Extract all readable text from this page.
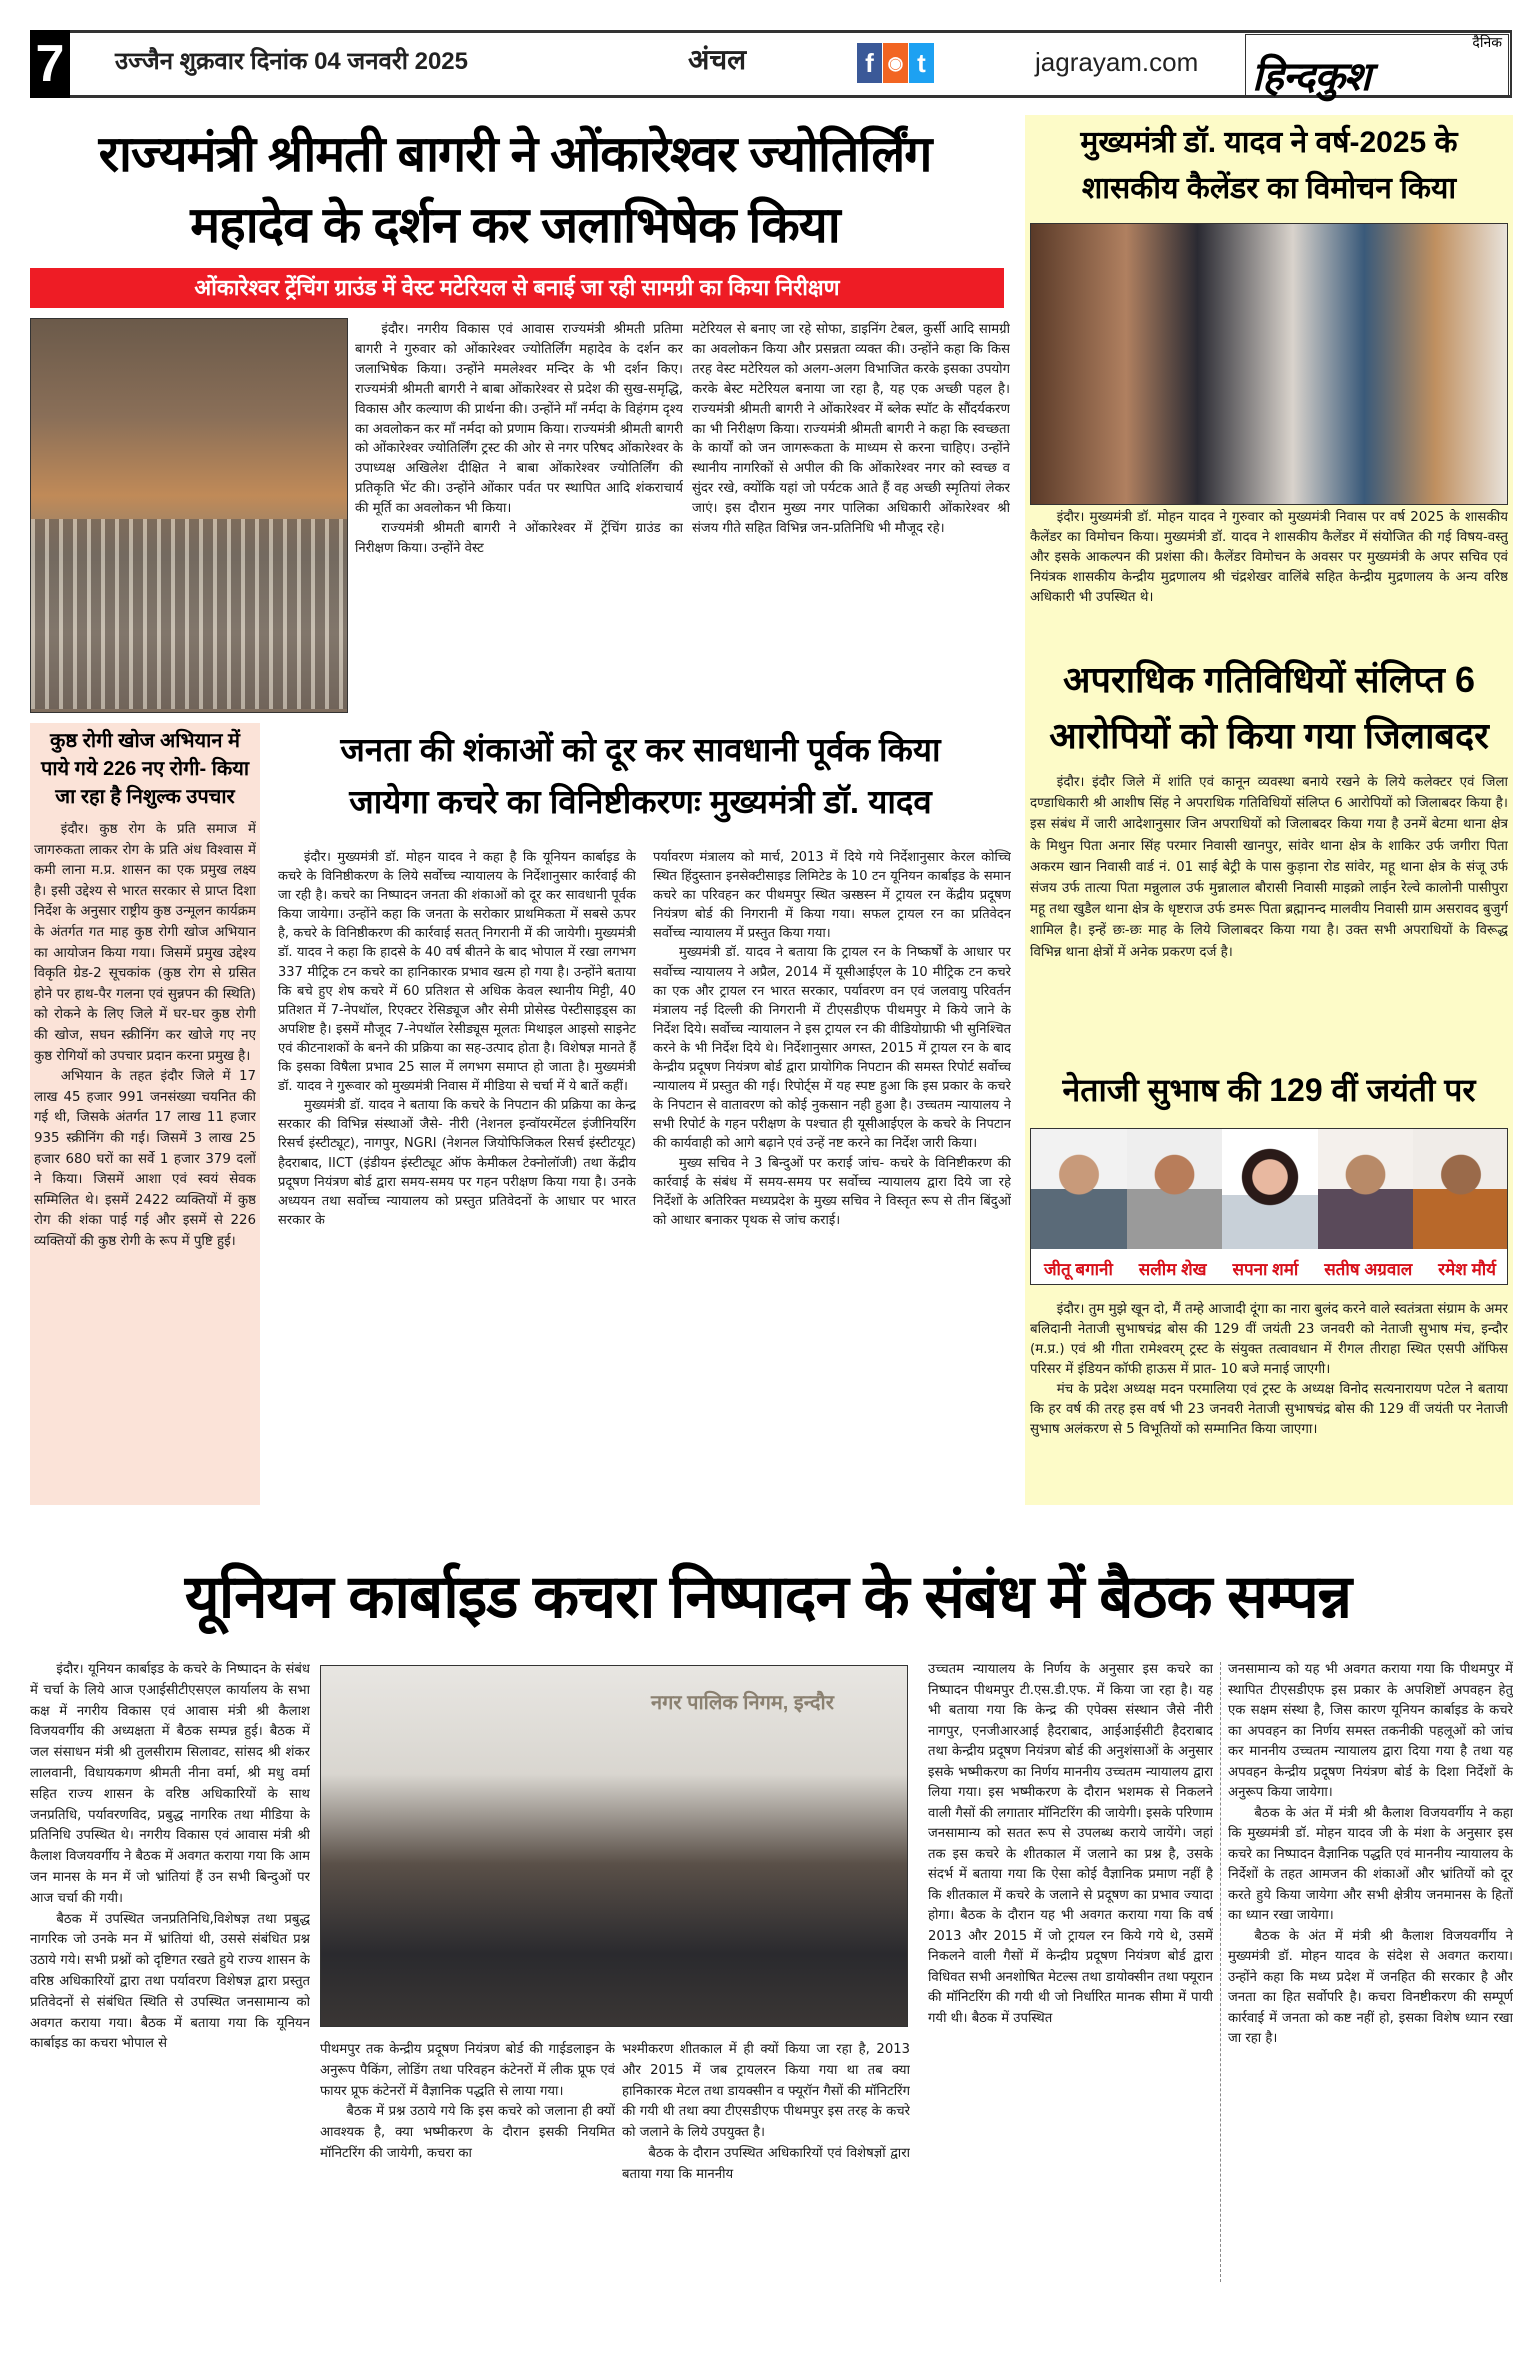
7 उज्जैन शुक्रवार दिनांक 04 जनवरी 2025	अंचल	f ◉ t	jagrayam.com
दैनिक
हिन्दकुश
राज्यमंत्री श्रीमती बागरी ने ओंकारेश्वर ज्योतिर्लिंग
महादेव के दर्शन कर जलाभिषेक किया
ओंकारेश्वर ट्रेंचिंग ग्राउंड में वेस्ट मटेरियल से बनाई जा रही सामग्री का किया निरीक्षण

इंदौर। नगरीय विकास एवं आवास राज्यमंत्री श्रीमती प्रतिमा बागरी ने गुरुवार को ओंकारेश्वर ज्योतिर्लिंग महादेव के दर्शन कर जलाभिषेक किया। उन्होंने ममलेश्वर मन्दिर के भी दर्शन किए। राज्यमंत्री श्रीमती बागरी ने बाबा ओंकारेश्वर से प्रदेश की सुख-समृद्धि, विकास और कल्याण की प्रार्थना की। उन्होंने माँ नर्मदा के विहंगम दृश्य का अवलोकन कर माँ नर्मदा को प्रणाम किया। राज्यमंत्री श्रीमती बागरी को ओंकारेश्वर ज्योतिर्लिंग ट्रस्ट की ओर से नगर परिषद ओंकारेश्वर के उपाध्यक्ष अखिलेश दीक्षित ने बाबा ओंकारेश्वर ज्योतिर्लिंग की प्रतिकृति भेंट की। उन्होंने ओंकार पर्वत पर स्थापित आदि शंकराचार्य की मूर्ति का अवलोकन भी किया।

राज्यमंत्री श्रीमती बागरी ने ओंकारेश्वर में ट्रेंचिंग ग्राउंड का निरीक्षण किया। उन्होंने वेस्ट

मटेरियल से बनाए जा रहे सोफा, डाइनिंग टेबल, कुर्सी आदि सामग्री का अवलोकन किया और प्रसन्नता व्यक्त की। उन्होंने कहा कि किस तरह वेस्ट मटेरियल को अलग-अलग विभाजित करके इसका उपयोग करके बेस्ट मटेरियल बनाया जा रहा है, यह एक अच्छी पहल है। राज्यमंत्री श्रीमती बागरी ने ओंकारेश्वर में ब्लेक स्पॉट के सौंदर्यकरण का भी निरीक्षण किया। राज्यमंत्री श्रीमती बागरी ने कहा कि स्वच्छता के कार्यों को जन जागरूकता के माध्यम से करना चाहिए। उन्होंने स्थानीय नागरिकों से अपील की कि ओंकारेश्वर नगर को स्वच्छ व सुंदर रखे, क्योंकि यहां जो पर्यटक आते हैं वह अच्छी स्मृतियां लेकर जाएं। इस दौरान मुख्य नगर पालिका अधिकारी ओंकारेश्वर श्री संजय गीते सहित विभिन्न जन-प्रतिनिधि भी मौजूद रहे।

मुख्यमंत्री डॉ. यादव ने वर्ष-2025 के
शासकीय कैलेंडर का विमोचन किया

इंदौर। मुख्यमंत्री डॉ. मोहन यादव ने गुरुवार को मुख्यमंत्री निवास पर वर्ष 2025 के शासकीय कैलेंडर का विमोचन किया। मुख्यमंत्री डॉ. यादव ने शासकीय कैलेंडर में संयोजित की गई विषय-वस्तु और इसके आकल्पन की प्रशंसा की। कैलेंडर विमोचन के अवसर पर मुख्यमंत्री के अपर सचिव एवं नियंत्रक शासकीय केन्द्रीय मुद्रणालय श्री चंद्रशेखर वालिंबे सहित केन्द्रीय मुद्रणालय के अन्य वरिष्ठ अधिकारी भी उपस्थित थे।

अपराधिक गतिविधियों संलिप्त 6
आरोपियों को किया गया जिलाबदर

इंदौर। इंदौर जिले में शांति एवं कानून व्यवस्था बनाये रखने के लिये कलेक्टर एवं जिला दण्डाधिकारी श्री आशीष सिंह ने अपराधिक गतिविधियों संलिप्त 6 आरोपियों को जिलाबदर किया है। इस संबंध में जारी आदेशानुसार जिन अपराधियों को जिलाबदर किया गया है उनमें बेटमा थाना क्षेत्र के मिथुन पिता अनार सिंह परमार निवासी खानपुर, सांवेर थाना क्षेत्र के शाकिर उर्फ जगीरा पिता अकरम खान निवासी वार्ड नं. 01 साई बेट्री के पास कुड़ाना रोड सांवेर, महू थाना क्षेत्र के संजू उर्फ संजय उर्फ तात्या पिता मन्नुलाल उर्फ मुन्नालाल बौरासी निवासी माइक्रो लाईन रेल्वे कालोनी पासीपुरा महू तथा खुडैल थाना क्षेत्र के धृष्टराज उर्फ डमरू पिता ब्रह्मानन्द मालवीय निवासी ग्राम असरावद बुजुर्ग शामिल है। इन्हें छः-छः माह के लिये जिलाबदर किया गया है। उक्त सभी अपराधियों के विरूद्ध विभिन्न थाना क्षेत्रों में अनेक प्रकरण दर्ज है।

नेताजी सुभाष की 129 वीं जयंती पर
जीतू बगानी सलीम शेख सपना शर्मा सतीष अग्रवाल रमेश मौर्य

इंदौर। तुम मुझे खून दो, मैं तम्हे आजादी दूंगा का नारा बुलंद करने वाले स्वतंत्रता संग्राम के अमर बलिदानी नेताजी सुभाषचंद्र बोस की 129 वीं जयंती 23 जनवरी को नेताजी सुभाष मंच, इन्दौर (म.प्र.) एवं श्री गीता रामेश्वरम् ट्रस्ट के संयुक्त तत्वावधान में रीगल तीराहा स्थित एसपी ऑफिस परिसर में इंडियन कॉफी हाऊस में प्रात- 10 बजे मनाई जाएगी।

मंच के प्रदेश अध्यक्ष मदन परमालिया एवं ट्रस्ट के अध्यक्ष विनोद सत्यनारायण पटेल ने बताया कि हर वर्ष की तरह इस वर्ष भी 23 जनवरी नेताजी सुभाषचंद्र बोस की 129 वीं जयंती पर नेताजी सुभाष अलंकरण से 5 विभूतियों को सम्मानित किया जाएगा।

कुष्ठ रोगी खोज अभियान में पाये गये 226 नए रोगी- किया जा रहा है निशुल्क उपचार

इंदौर। कुष्ठ रोग के प्रति समाज में जागरुकता लाकर रोग के प्रति अंध विश्वास में कमी लाना म.प्र. शासन का एक प्रमुख लक्ष्य है। इसी उद्देश्य से भारत सरकार से प्राप्त दिशा निर्देश के अनुसार राष्ट्रीय कुष्ठ उन्मूलन कार्यक्रम के अंतर्गत गत माह कुष्ठ रोगी खोज अभियान का आयोजन किया गया। जिसमें प्रमुख उद्देश्य विकृति ग्रेड-2 सूचकांक (कुष्ठ रोग से ग्रसित होने पर हाथ-पैर गलना एवं सुन्नपन की स्थिति) को रोकने के लिए जिले में घर-घर कुष्ठ रोगी की खोज, सघन स्क्रीनिंग कर खोजे गए नए कुष्ठ रोगियों को उपचार प्रदान करना प्रमुख है।

अभियान के तहत इंदौर जिले में 17 लाख 45 हजार 991 जनसंख्या चयनित की गई थी, जिसके अंतर्गत 17 लाख 11 हजार 935 स्क्रीनिंग की गई। जिसमें 3 लाख 25 हजार 680 घरों का सर्वे 1 हजार 379 दलों ने किया। जिसमें आशा एवं स्वयं सेवक सम्मिलित थे। इसमें 2422 व्यक्तियों में कुष्ठ रोग की शंका पाई गई और इसमें से 226 व्यक्तियों की कुष्ठ रोगी के रूप में पुष्टि हुई।

जनता की शंकाओं को दूर कर सावधानी पूर्वक किया
जायेगा कचरे का विनिष्टीकरणः मुख्यमंत्री डॉ. यादव

इंदौर। मुख्यमंत्री डॉ. मोहन यादव ने कहा है कि यूनियन कार्बाइड के कचरे के विनिष्ठीकरण के लिये सर्वोच्च न्यायालय के निर्देशानुसार कार्रवाई की जा रही है। कचरे का निष्पादन जनता की शंकाओं को दूर कर सावधानी पूर्वक किया जायेगा। उन्होंने कहा कि जनता के सरोकार प्राथमिकता में सबसे ऊपर है, कचरे के विनिष्ठीकरण की कार्रवाई सतत् निगरानी में की जायेगी। मुख्यमंत्री डॉ. यादव ने कहा कि हादसे के 40 वर्ष बीतने के बाद भोपाल में रखा लगभग 337 मीट्रिक टन कचरे का हानिकारक प्रभाव खत्म हो गया है। उन्होंने बताया कि बचे हुए शेष कचरे में 60 प्रतिशत से अधिक केवल स्थानीय मिट्टी, 40 प्रतिशत में 7-नेपथॉल, रिएक्टर रेसिड्यूज और सेमी प्रोसेस्ड पेस्टीसाइड्स का अपशिष्ट है। इसमें मौजूद 7-नेपथॉल रेसीड्यूस मूलतः मिथाइल आइसो साइनेट एवं कीटनाशकों के बनने की प्रक्रिया का सह-उत्पाद होता है। विशेषज्ञ मानते हैं कि इसका विषैला प्रभाव 25 साल में लगभग समाप्त हो जाता है। मुख्यमंत्री डॉ. यादव ने गुरूवार को मुख्यमंत्री निवास में मीडिया से चर्चा में ये बातें कहीं।

मुख्यमंत्री डॉ. यादव ने बताया कि कचरे के निपटान की प्रक्रिया का केन्द्र सरकार की विभिन्न संस्थाओं जैसे- नीरी (नेशनल इन्वॉयरमेंटल इंजीनियरिंग रिसर्च इंस्टीट्यूट), नागपुर, NGRI (नेशनल जियोफिजिकल रिसर्च इंस्टीटयूट) हैदराबाद, IICT (इंडीयन इंस्टीट्यूट ऑफ केमीकल टेक्नोलॉजी) तथा केंद्रीय प्रदूषण नियंत्रण बोर्ड द्वारा समय-समय पर गहन परीक्षण किया गया है। उनके अध्ययन तथा सर्वोच्च न्यायालय को प्रस्तुत प्रतिवेदनों के आधार पर भारत सरकार के

पर्यावरण मंत्रालय को मार्च, 2013 में दिये गये निर्देशानुसार केरल कोच्चि स्थित हिंदुस्तान इनसेक्टीसाइड लिमिटेड के 10 टन यूनियन कार्बाइड के समान कचरे का परिवहन कर पीथमपुर स्थित ञ्रस्ष्ठस्न में ट्रायल रन केंद्रीय प्रदूषण नियंत्रण बोर्ड की निगरानी में किया गया। सफल ट्रायल रन का प्रतिवेदन सर्वोच्च न्यायालय में प्रस्तुत किया गया।

मुख्यमंत्री डॉ. यादव ने बताया कि ट्रायल रन के निष्कर्षों के आधार पर सर्वोच्च न्यायालय ने अप्रैल, 2014 में यूसीआईएल के 10 मीट्रिक टन कचरे का एक और ट्रायल रन भारत सरकार, पर्यावरण वन एवं जलवायु परिवर्तन मंत्रालय नई दिल्ली की निगरानी में टीएसडीएफ पीथमपुर मे किये जाने के निर्देश दिये। सर्वोच्च न्यायालन ने इस ट्रायल रन की वीडियोग्राफी भी सुनिश्चित करने के भी निर्देश दिये थे। निर्देशानुसार अगस्त, 2015 में ट्रायल रन के बाद केन्द्रीय प्रदूषण नियंत्रण बोर्ड द्वारा प्रायोगिक निपटान की समस्त रिपोर्ट सर्वोच्च न्यायालय में प्रस्तुत की गई। रिपोर्ट्स में यह स्पष्ट हुआ कि इस प्रकार के कचरे के निपटान से वातावरण को कोई नुकसान नही हुआ है। उच्चतम न्यायालय ने सभी रिपोर्ट के गहन परीक्षण के पश्चात ही यूसीआईएल के कचरे के निपटान की कार्यवाही को आगे बढ़ाने एवं उन्हें नष्ट करने का निर्देश जारी किया।

मुख्य सचिव ने 3 बिन्दुओं पर कराई जांच- कचरे के विनिष्टीकरण की कार्रवाई के संबंध में समय-समय पर सर्वोच्च न्यायालय द्वारा दिये जा रहे निर्देशों के अतिरिक्त मध्यप्रदेश के मुख्य सचिव ने विस्तृत रूप से तीन बिंदुओं को आधार बनाकर पृथक से जांच कराई।

यूनियन कार्बाइड कचरा निष्पादन के संबंध में बैठक सम्पन्न

इंदौर। यूनियन कार्बाइड के कचरे के निष्पादन के संबंध में चर्चा के लिये आज एआईसीटीएसएल कार्यालय के सभा कक्ष में नगरीय विकास एवं आवास मंत्री श्री कैलाश विजयवर्गीय की अध्यक्षता में बैठक सम्पन्न हुई। बैठक में जल संसाधन मंत्री श्री तुलसीराम सिलावट, सांसद श्री शंकर लालवानी, विधायकगण श्रीमती नीना वर्मा, श्री मधु वर्मा सहित राज्य शासन के वरिष्ठ अधिकारियों के साथ जनप्रतिधि, पर्यावरणविद, प्रबुद्ध नागरिक तथा मीडिया के प्रतिनिधि उपस्थित थे। नगरीय विकास एवं आवास मंत्री श्री कैलाश विजयवर्गीय ने बैठक में अवगत कराया गया कि आम जन मानस के मन में जो भ्रांतियां हैं उन सभी बिन्दुओं पर आज चर्चा की गयी।

बैठक में उपस्थित जनप्रतिनिधि,विशेषज्ञ तथा प्रबुद्ध नागरिक जो उनके मन में भ्रांतियां थी, उससे संबंधित प्रश्न उठाये गये। सभी प्रश्नों को दृष्टिगत रखते हुये राज्य शासन के वरिष्ठ अधिकारियों द्वारा तथा पर्यावरण विशेषज्ञ द्वारा प्रस्तुत प्रतिवेदनों से संबंधित स्थिति से उपस्थित जनसामान्य को अवगत कराया गया। बैठक में बताया गया कि यूनियन कार्बाइड का कचरा भोपाल से

नगर पालिक निगम, इन्दौर

पीथमपुर तक केन्द्रीय प्रदूषण नियंत्रण बोर्ड की गाईडलाइन के अनुरूप पैकिंग, लोडिंग तथा परिवहन कंटेनरों में लीक प्रूफ एवं फायर प्रूफ कंटेनरों में वैज्ञानिक पद्धति से लाया गया।

बैठक में प्रश्न उठाये गये कि इस कचरे को जलाना ही क्यों आवश्यक है, क्या भष्मीकरण के दौरान इसकी नियमित मॉनिटरिंग की जायेगी, कचरा का

भश्मीकरण शीतकाल में ही क्यों किया जा रहा है, 2013 और 2015 में जब ट्रायलरन किया गया था तब क्या हानिकारक मेटल तथा डायक्सीन व फ्यूरॉन गैसों की मॉनिटरिंग की गयी थी तथा क्या टीएसडीएफ पीथमपुर इस तरह के कचरे को जलाने के लिये उपयुक्त है।

बैठक के दौरान उपस्थित अधिकारियों एवं विशेषज्ञों द्वारा बताया गया कि माननीय

उच्चतम न्यायालय के निर्णय के अनुसार इस कचरे का निष्पादन पीथमपुर टी.एस.डी.एफ. में किया जा रहा है। यह भी बताया गया कि केन्द्र की एपेक्स संस्थान जैसे नीरी नागपुर, एनजीआरआई हैदराबाद, आईआईसीटी हैदराबाद तथा केन्द्रीय प्रदूषण नियंत्रण बोर्ड की अनुशंसाओं के अनुसार इसके भष्मीकरण का निर्णय माननीय उच्चतम न्यायालय द्वारा लिया गया। इस भष्मीकरण के दौरान भशमक से निकलने वाली गैसों की लगातार मॉनिटरिंग की जायेगी। इसके परिणाम जनसामान्य को सतत रूप से उपलब्ध कराये जायेंगे। जहां तक इस कचरे के शीतकाल में जलाने का प्रश्न है, उसके संदर्भ में बताया गया कि ऐसा कोई वैज्ञानिक प्रमाण नहीं है कि शीतकाल में कचरे के जलाने से प्रदूषण का प्रभाव ज्यादा होगा। बैठक के दौरान यह भी अवगत कराया गया कि वर्ष 2013 और 2015 में जो ट्रायल रन किये गये थे, उसमें निकलने वाली गैसों में केन्द्रीय प्रदूषण नियंत्रण बोर्ड द्वारा विधिवत सभी अनशोषित मेटल्स तथा डायोक्सीन तथा फ्यूरान की मॉनिटरिंग की गयी थी जो निर्धारित मानक सीमा में पायी गयी थी। बैठक में उपस्थित

जनसामान्य को यह भी अवगत कराया गया कि पीथमपुर में स्थापित टीएसडीएफ इस प्रकार के अपशिष्टों अपवहन हेतु एक सक्षम संस्था है, जिस कारण यूनियन कार्बाइड के कचरे का अपवहन का निर्णय समस्त तकनीकी पहलूओं को जांच कर माननीय उच्चतम न्यायालय द्वारा दिया गया है तथा यह अपवहन केन्द्रीय प्रदूषण नियंत्रण बोर्ड के दिशा निर्देशों के अनुरूप किया जायेगा।

बैठक के अंत में मंत्री श्री कैलाश विजयवर्गीय ने कहा कि मुख्यमंत्री डॉ. मोहन यादव जी के मंशा के अनुसार इस कचरे का निष्पादन वैज्ञानिक पद्धति एवं माननीय न्यायालय के निर्देशों के तहत आमजन की शंकाओं और भ्रांतियों को दूर करते हुये किया जायेगा और सभी क्षेत्रीय जनमानस के हितों का ध्यान रखा जायेगा।

बैठक के अंत में मंत्री श्री कैलाश विजयवर्गीय ने मुख्यमंत्री डॉ. मोहन यादव के संदेश से अवगत कराया। उन्होंने कहा कि मध्य प्रदेश में जनहित की सरकार है और जनता का हित सर्वोपरि है। कचरा विनष्टीकरण की सम्पूर्ण कार्रवाई में जनता को कष्ट नहीं हो, इसका विशेष ध्यान रखा जा रहा है।
